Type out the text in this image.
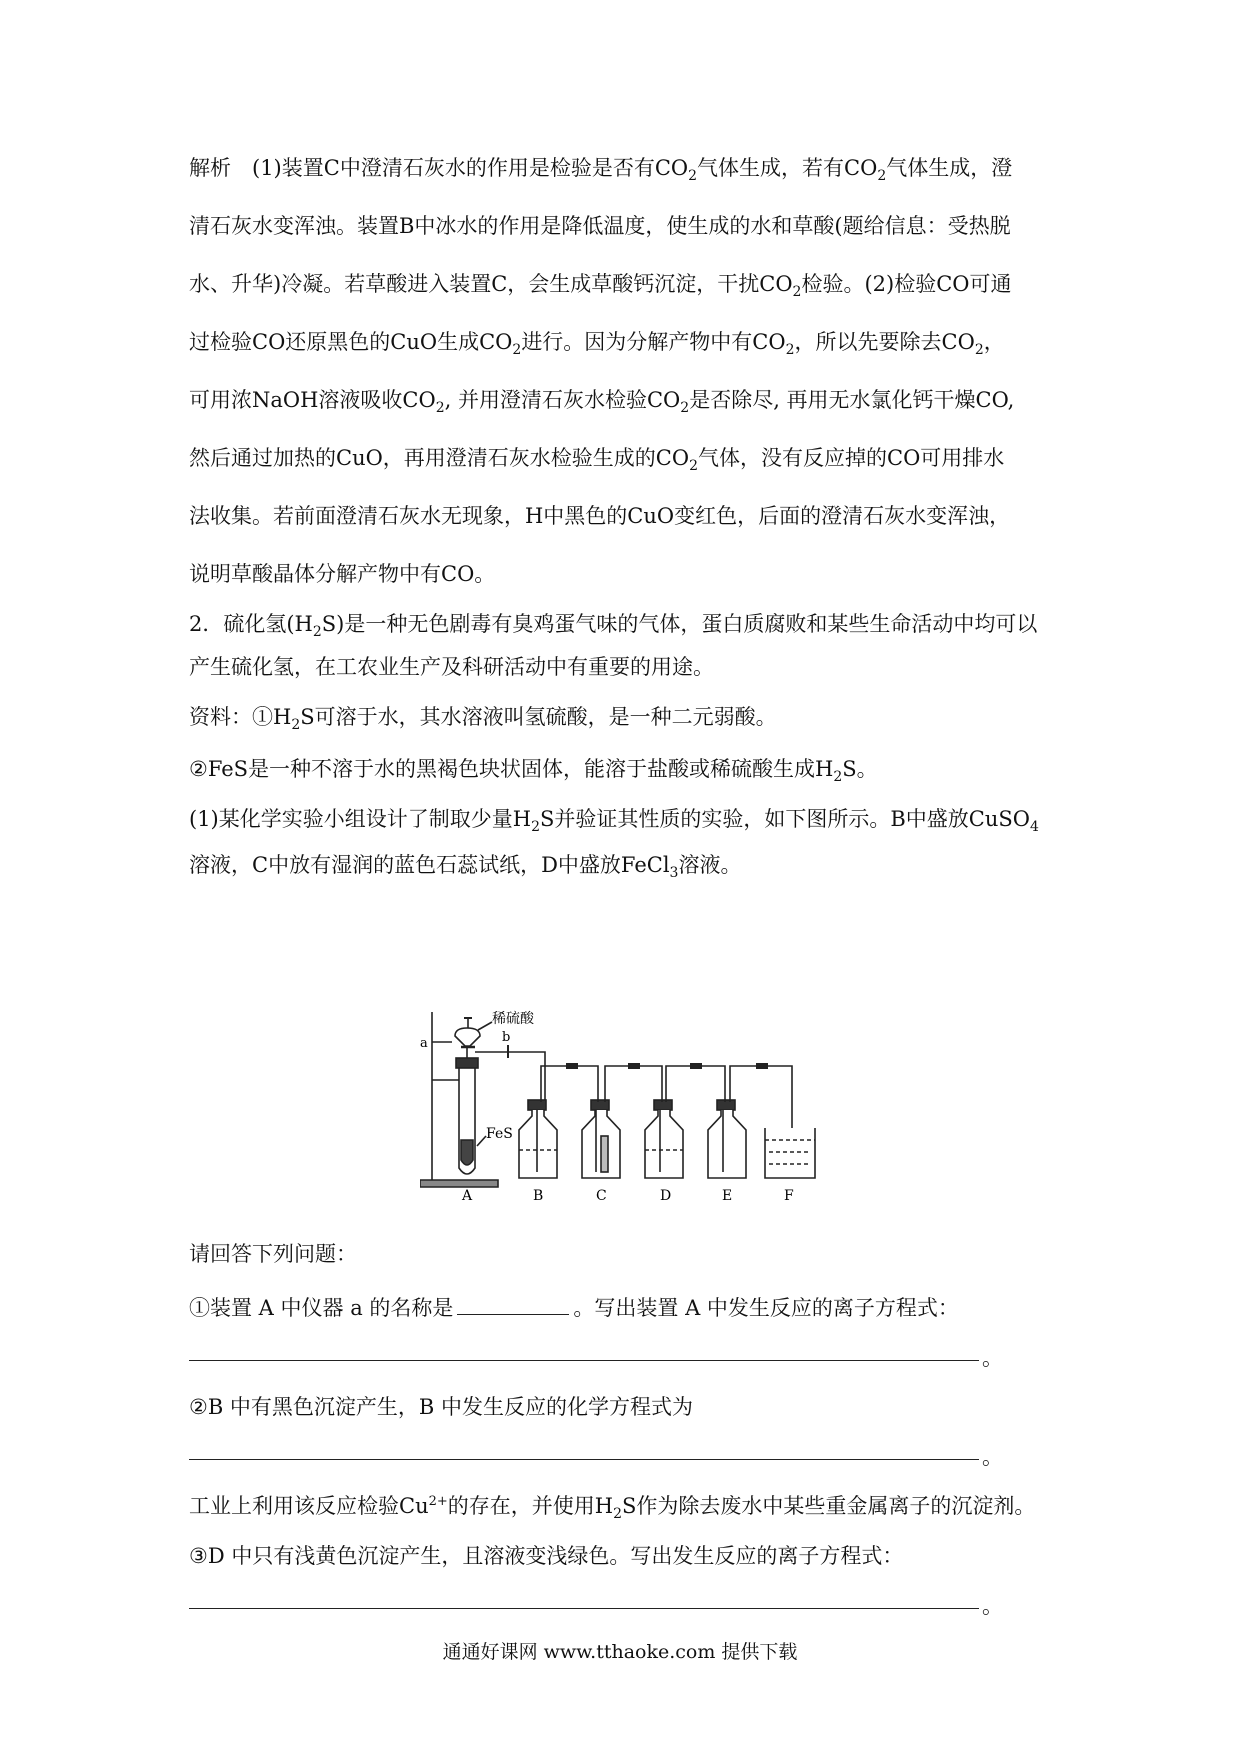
解析　(1)装置C中澄清石灰水的作用是检验是否有$CO_2$气体生成，若有$CO_2$气体生成，澄
清石灰水变浑浊。装置B中冰水的作用是降低温度，使生成的水和草酸(题给信息：受热脱
水、升华)冷凝。若草酸进入装置C，会生成草酸钙沉淀，干扰$CO_2$检验。(2)检验CO可通
过检验CO还原黑色的CuO生成$CO_2$进行。因为分解产物中有$CO_2$，所以先要除去$CO_2$，
可用浓NaOH溶液吸收$CO_2$, 并用澄清石灰水检验$CO_2$是否除尽, 再用无水氯化钙干燥CO,
然后通过加热的CuO，再用澄清石灰水检验生成的$CO_2$气体，没有反应掉的CO可用排水
法收集。若前面澄清石灰水无现象，H中黑色的CuO变红色，后面的澄清石灰水变浑浊，
说明草酸晶体分解产物中有CO。
2．硫化氢$(H_2S)$是一种无色剧毒有臭鸡蛋气味的气体，蛋白质腐败和某些生命活动中均可以
产生硫化氢，在工农业生产及科研活动中有重要的用途。
资料：$①H_2S$可溶于水，其水溶液叫氢硫酸，是一种二元弱酸。
②FeS是一种不溶于水的黑褐色块状固体，能溶于盐酸或稀硫酸生成$H_2S$。
(1)某化学实验小组设计了制取少量$H_2S$并验证其性质的实验，如下图所示。B中盛放CuSO$_4$
溶液，C中放有湿润的蓝色石蕊试纸，D中盛放FeCl$_3$溶液。
稀硫酸
a	b
FeS
A	B	C	D	E	F
请回答下列问题：
①装置 A 中仪器 a 的名称是	。写出装置 A 中发生反应的离子方程式：
。
②B 中有黑色沉淀产生，B 中发生反应的化学方程式为
。
工业上利用该反应检验$Cu^{2+}$的存在，并使用$H_2S$作为除去废水中某些重金属离子的沉淀剂。
③D 中只有浅黄色沉淀产生，且溶液变浅绿色。写出发生反应的离子方程式：
。
通通好课网 www.tthaoke.com 提供下载
